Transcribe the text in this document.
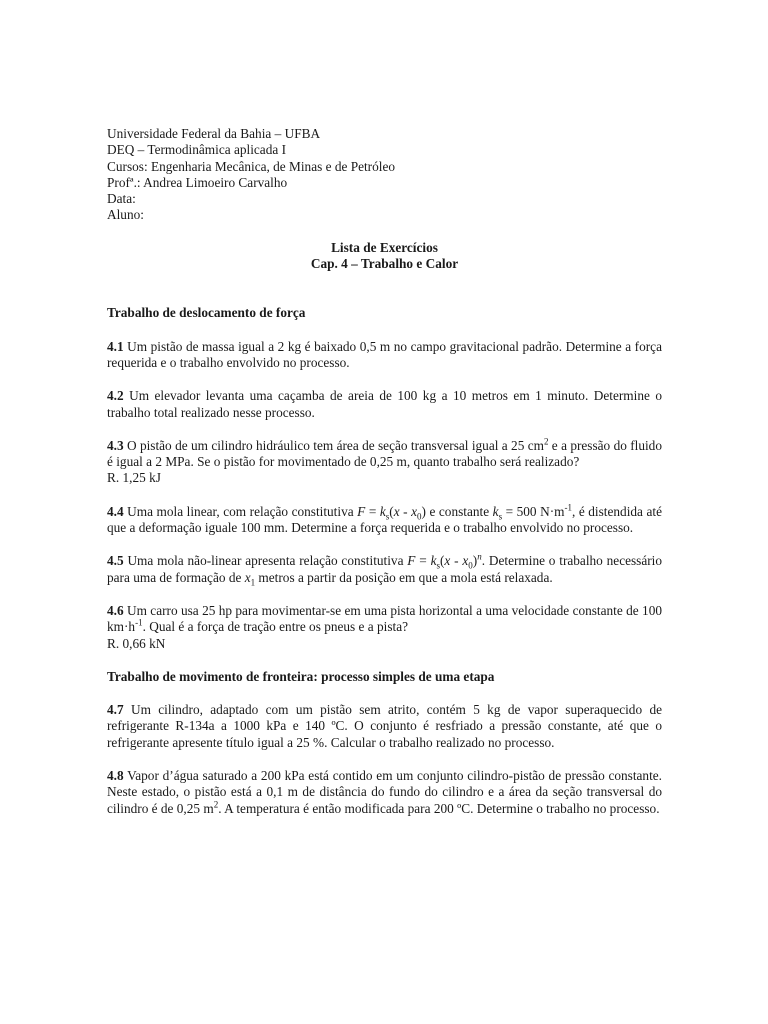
Universidade Federal da Bahia – UFBA
DEQ – Termodinâmica aplicada I
Cursos: Engenharia Mecânica, de Minas e de Petróleo
Profª.: Andrea Limoeiro Carvalho
Data:
Aluno:
Lista de Exercícios
Cap. 4 – Trabalho e Calor
Trabalho de deslocamento de força
4.1 Um pistão de massa igual a 2 kg é baixado 0,5 m no campo gravitacional padrão. Determine a força requerida e o trabalho envolvido no processo.
4.2 Um elevador levanta uma caçamba de areia de 100 kg a 10 metros em 1 minuto. Determine o trabalho total realizado nesse processo.
4.3 O pistão de um cilindro hidráulico tem área de seção transversal igual a 25 $cm^2$ e a pressão do fluido é igual a 2 MPa. Se o pistão for movimentado de 0,25 m, quanto trabalho será realizado?
R. 1,25 kJ
4.4 Uma mola linear, com relação constitutiva $F = k_s(x - x_0)$ e constante $k_s = 500$ $N\cdot m^{-1}$, é distendida até que a deformação iguale 100 mm. Determine a força requerida e o trabalho envolvido no processo.
4.5 Uma mola não-linear apresenta relação constitutiva $F = k_s(x - x_0)^n$. Determine o trabalho necessário para uma de formação de $x_1$ metros a partir da posição em que a mola está relaxada.
4.6 Um carro usa 25 hp para movimentar-se em uma pista horizontal a uma velocidade constante de 100 $km\cdot h^{-1}$. Qual é a força de tração entre os pneus e a pista?
R. 0,66 kN
Trabalho de movimento de fronteira: processo simples de uma etapa
4.7 Um cilindro, adaptado com um pistão sem atrito, contém 5 kg de vapor superaquecido de refrigerante R-134a a 1000 kPa e 140 ºC. O conjunto é resfriado a pressão constante, até que o refrigerante apresente título igual a 25 %. Calcular o trabalho realizado no processo.
4.8 Vapor d’água saturado a 200 kPa está contido em um conjunto cilindro-pistão de pressão constante. Neste estado, o pistão está a 0,1 m de distância do fundo do cilindro e a área da seção transversal do cilindro é de 0,25 $m^2$. A temperatura é então modificada para 200 ºC. Determine o trabalho no processo.
